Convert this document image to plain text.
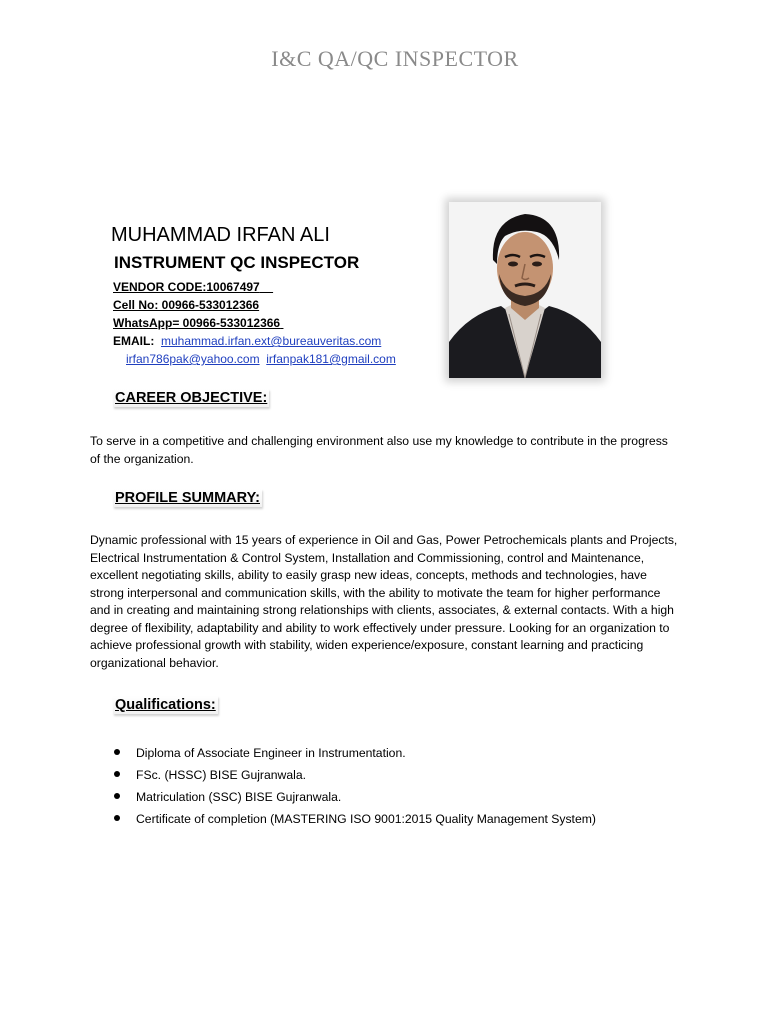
I&C QA/QC INSPECTOR
MUHAMMAD IRFAN ALI
INSTRUMENT QC INSPECTOR
VENDOR CODE:10067497
Cell No: 00966-533012366
WhatsApp= 00966-533012366
EMAIL: muhammad.irfan.ext@bureauveritas.com
irfan786pak@yahoo.com irfanpak181@gmail.com
CAREER OBJECTIVE:
To serve in a competitive and challenging environment also use my knowledge to contribute in the progress of the organization.
PROFILE SUMMARY:
Dynamic professional with 15 years of experience in Oil and Gas, Power Petrochemicals plants and Projects, Electrical Instrumentation & Control System, Installation and Commissioning, control and Maintenance, excellent negotiating skills, ability to easily grasp new ideas, concepts, methods and technologies, have strong interpersonal and communication skills, with the ability to motivate the team for higher performance and in creating and maintaining strong relationships with clients, associates, & external contacts. With a high degree of flexibility, adaptability and ability to work effectively under pressure. Looking for an organization to achieve professional growth with stability, widen experience/exposure, constant learning and practicing organizational behavior.
Qualifications:
Diploma of Associate Engineer in Instrumentation.
FSc. (HSSC) BISE Gujranwala.
Matriculation (SSC) BISE Gujranwala.
Certificate of completion (MASTERING ISO 9001:2015 Quality Management System)
